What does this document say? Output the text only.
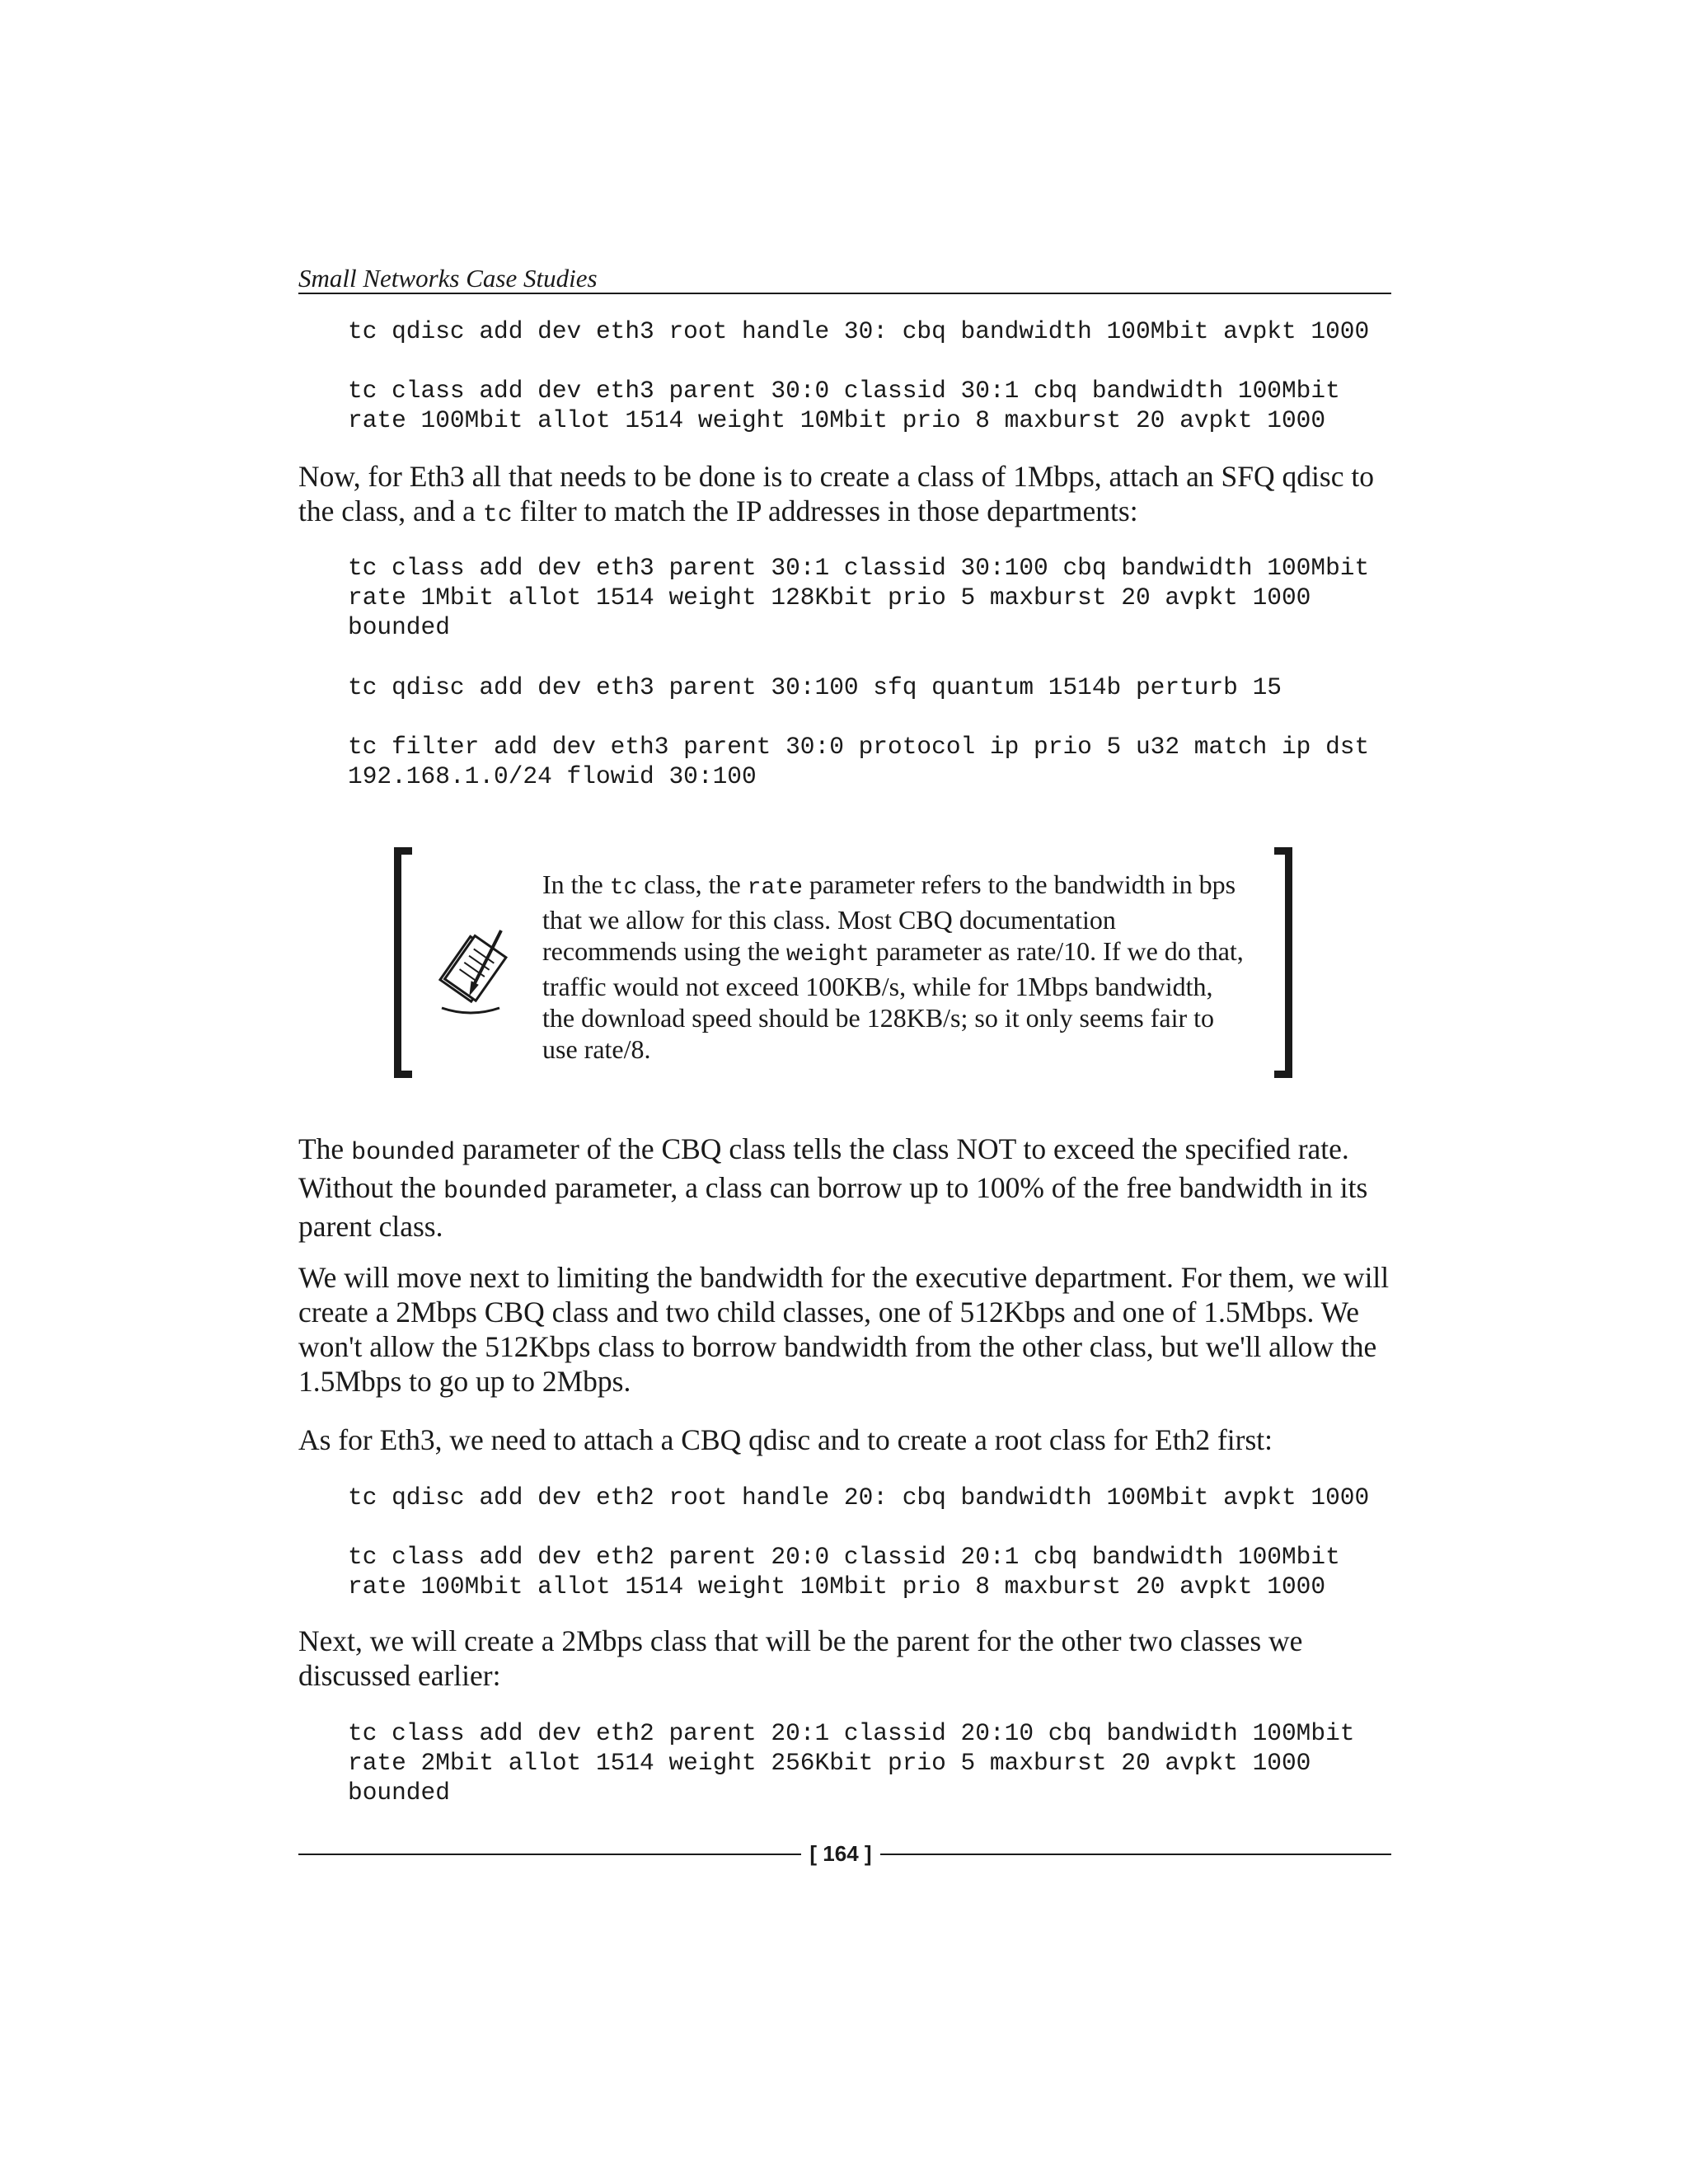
Small Networks Case Studies
tc qdisc add dev eth3 root handle 30: cbq bandwidth 100Mbit avpkt 1000
tc class add dev eth3 parent 30:0 classid 30:1 cbq bandwidth 100Mbit
rate 100Mbit allot 1514 weight 10Mbit prio 8 maxburst 20 avpkt 1000

Now, for Eth3 all that needs to be done is to create a class of 1Mbps, attach an SFQ qdisc to the class, and a tc filter to match the IP addresses in those departments:

tc class add dev eth3 parent 30:1 classid 30:100 cbq bandwidth 100Mbit
rate 1Mbit allot 1514 weight 128Kbit prio 5 maxburst 20 avpkt 1000
bounded
tc qdisc add dev eth3 parent 30:100 sfq quantum 1514b perturb 15
tc filter add dev eth3 parent 30:0 protocol ip prio 5 u32 match ip dst
192.168.1.0/24 flowid 30:100

In the tc class, the rate parameter refers to the bandwidth in bps that we allow for this class. Most CBQ documentation recommends using the weight parameter as rate/10. If we do that, traffic would not exceed 100KB/s, while for 1Mbps bandwidth, the download speed should be 128KB/s; so it only seems fair to use rate/8.

The bounded parameter of the CBQ class tells the class NOT to exceed the specified rate. Without the bounded parameter, a class can borrow up to 100% of the free bandwidth in its parent class.

We will move next to limiting the bandwidth for the executive department. For them, we will create a 2Mbps CBQ class and two child classes, one of 512Kbps and one of 1.5Mbps. We won't allow the 512Kbps class to borrow bandwidth from the other class, but we'll allow the 1.5Mbps to go up to 2Mbps.

As for Eth3, we need to attach a CBQ qdisc and to create a root class for Eth2 first:

tc qdisc add dev eth2 root handle 20: cbq bandwidth 100Mbit avpkt 1000
tc class add dev eth2 parent 20:0 classid 20:1 cbq bandwidth 100Mbit
rate 100Mbit allot 1514 weight 10Mbit prio 8 maxburst 20 avpkt 1000

Next, we will create a 2Mbps class that will be the parent for the other two classes we discussed earlier:

tc class add dev eth2 parent 20:1 classid 20:10 cbq bandwidth 100Mbit
rate 2Mbit allot 1514 weight 256Kbit prio 5 maxburst 20 avpkt 1000
bounded
[ 164 ]
